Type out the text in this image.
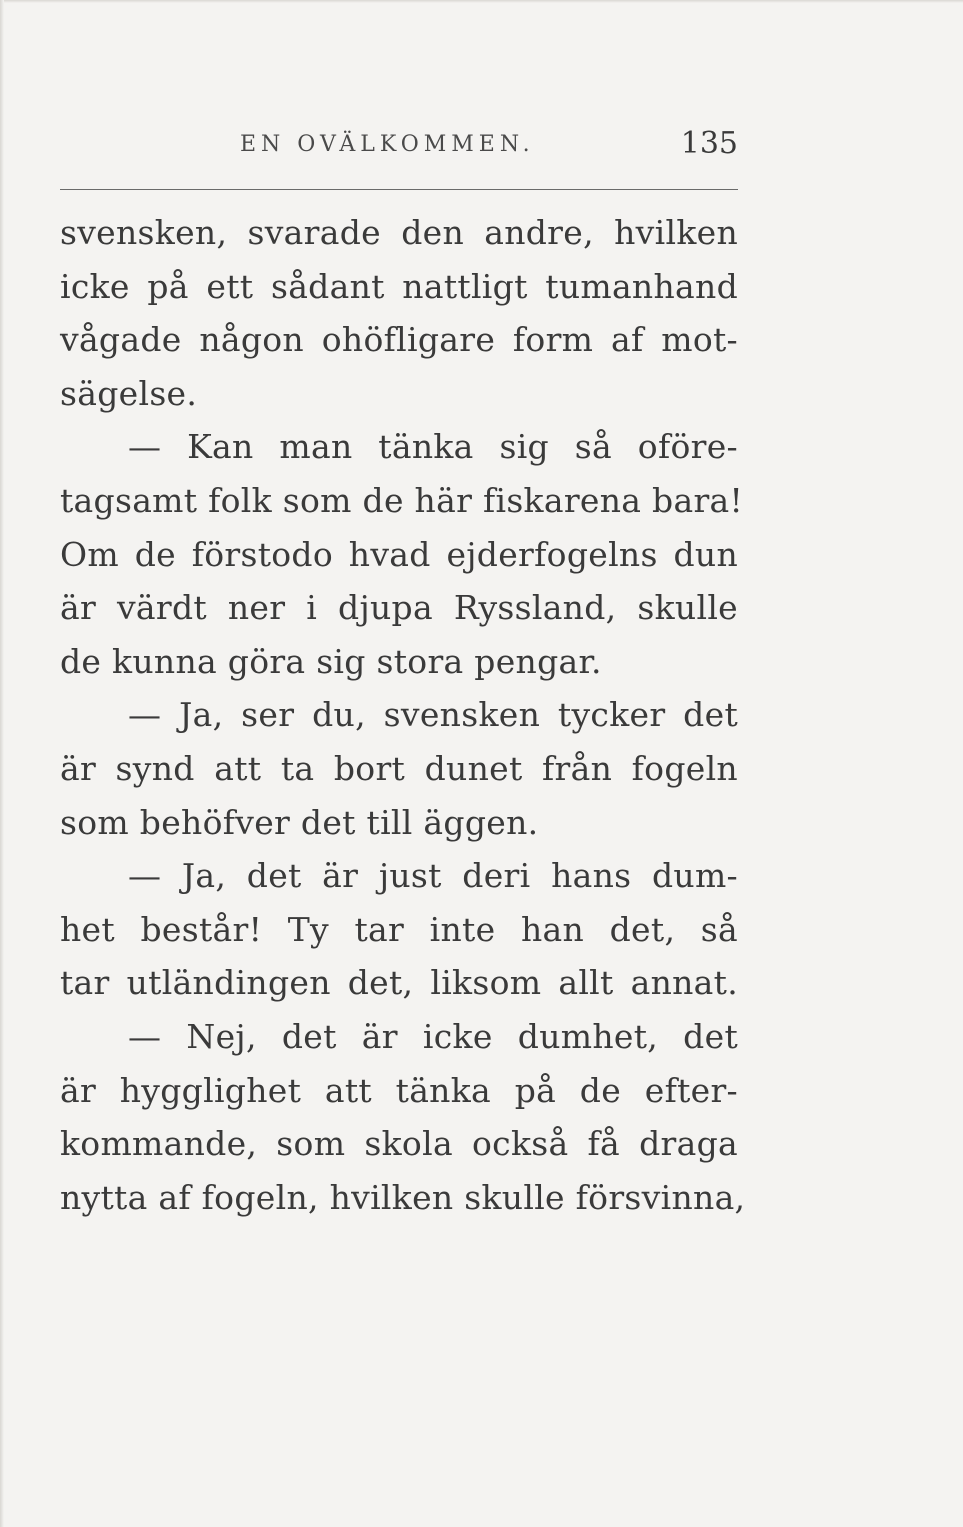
EN OVÄLKOMMEN.	135
svensken, svarade den andre, hvilken
icke på ett sådant nattligt tumanhand
vågade någon ohöfligare form af mot-
sägelse.
— Kan man tänka sig så oföre-
tagsamt folk som de här fiskarena bara!
Om de förstodo hvad ejderfogelns dun
är värdt ner i djupa Ryssland, skulle
de kunna göra sig stora pengar.
— Ja, ser du, svensken tycker det
är synd att ta bort dunet från fogeln
som behöfver det till äggen.
— Ja, det är just deri hans dum-
het består! Ty tar inte han det, så
tar utländingen det, liksom allt annat.
— Nej, det är icke dumhet, det
är hygglighet att tänka på de efter-
kommande, som skola också få draga
nytta af fogeln, hvilken skulle försvinna,
